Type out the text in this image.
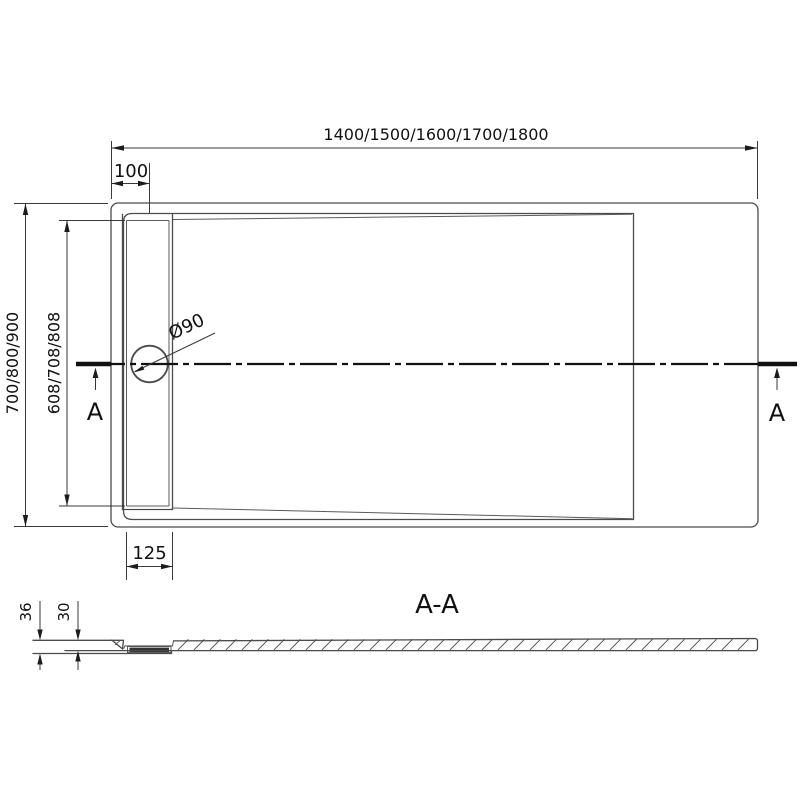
A	A
1400/1500/1600/1700/1800
100
700/800/900 608/708/808
125
Ø90
A-A
36 30
